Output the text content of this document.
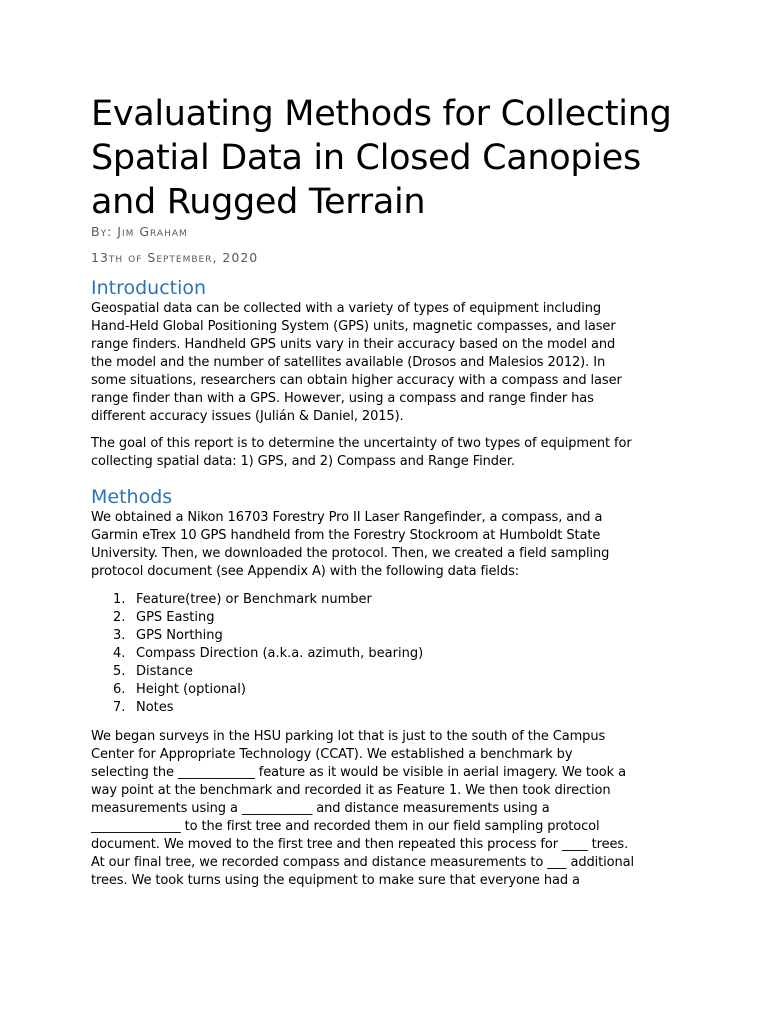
Evaluating Methods for Collecting Spatial Data in Closed Canopies and Rugged Terrain

By: Jim Graham

13th of September, 2020

Introduction

Geospatial data can be collected with a variety of types of equipment including
Hand-Held Global Positioning System (GPS) units, magnetic compasses, and laser
range finders. Handheld GPS units vary in their accuracy based on the model and
the model and the number of satellites available (Drosos and Malesios 2012). In
some situations, researchers can obtain higher accuracy with a compass and laser
range finder than with a GPS. However, using a compass and range finder has
different accuracy issues (Julián & Daniel, 2015).

The goal of this report is to determine the uncertainty of two types of equipment for
collecting spatial data: 1) GPS, and 2) Compass and Range Finder.

Methods

We obtained a Nikon 16703 Forestry Pro II Laser Rangefinder, a compass, and a
Garmin eTrex 10 GPS handheld from the Forestry Stockroom at Humboldt State
University. Then, we downloaded the protocol. Then, we created a field sampling
protocol document (see Appendix A) with the following data fields:

1. Feature(tree) or Benchmark number
2. GPS Easting
3. GPS Northing
4. Compass Direction (a.k.a. azimuth, bearing)
5. Distance
6. Height (optional)
7. Notes

We began surveys in the HSU parking lot that is just to the south of the Campus
Center for Appropriate Technology (CCAT). We established a benchmark by
selecting the ____________ feature as it would be visible in aerial imagery. We took a
way point at the benchmark and recorded it as Feature 1. We then took direction
measurements using a ___________ and distance measurements using a
______________ to the first tree and recorded them in our field sampling protocol
document. We moved to the first tree and then repeated this process for ____ trees.
At our final tree, we recorded compass and distance measurements to ___ additional
trees. We took turns using the equipment to make sure that everyone had a
